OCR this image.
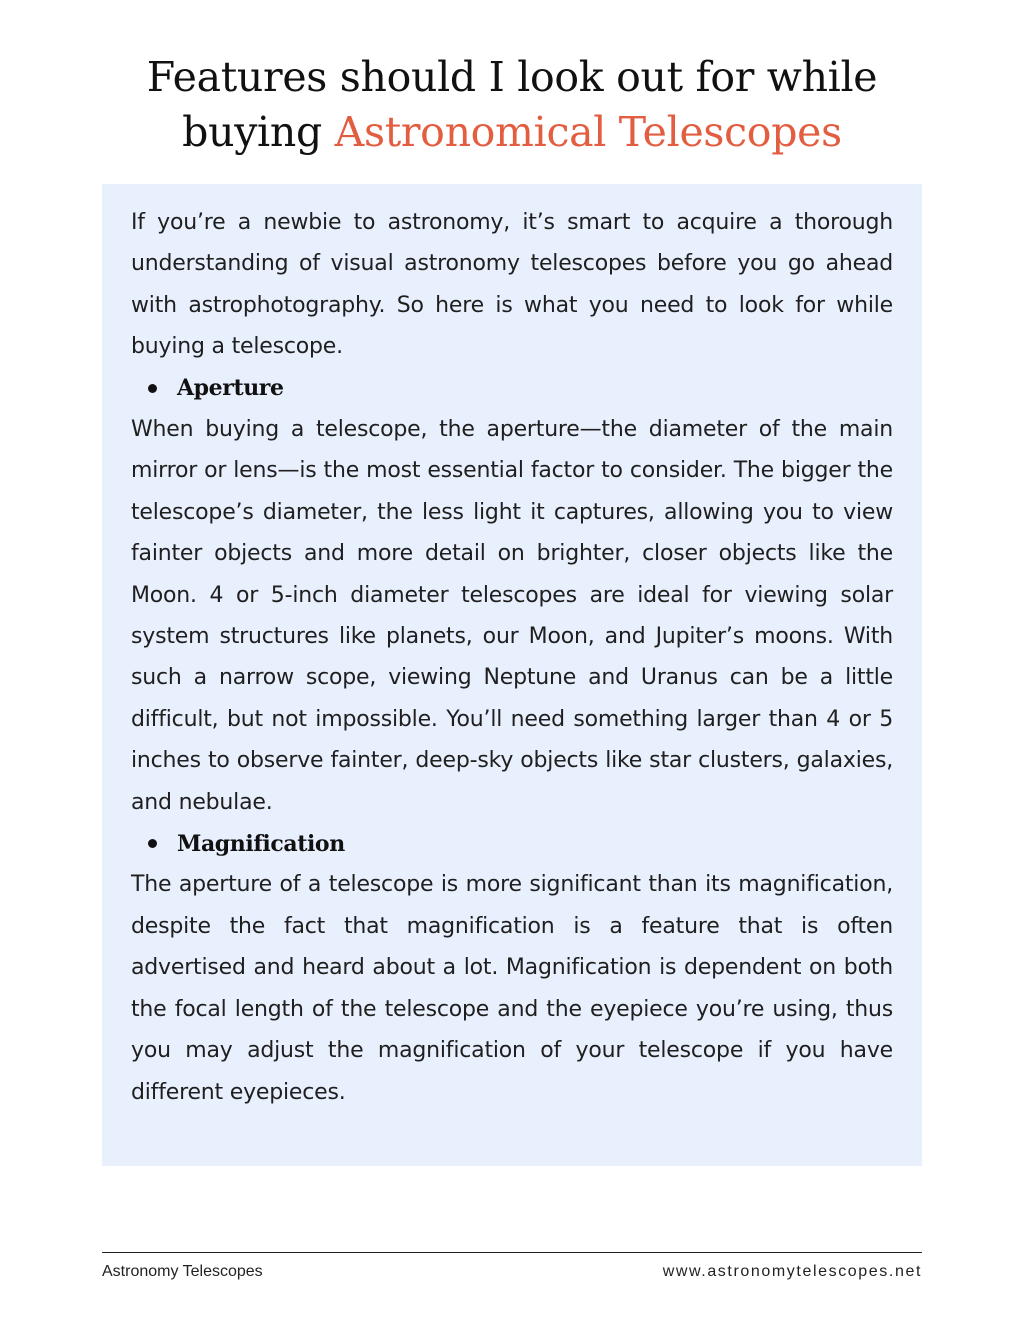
Features should I look out for while
buying Astronomical Telescopes

If you’re a newbie to astronomy, it’s smart to acquire a thorough understanding of visual astronomy telescopes before you go ahead with astrophotography. So here is what you need to look for while buying a telescope.

Aperture

When buying a telescope, the aperture—the diameter of the main mirror or lens—is the most essential factor to consider. The bigger the telescope’s diameter, the less light it captures, allowing you to view fainter objects and more detail on brighter, closer objects like the Moon. 4 or 5-inch diameter telescopes are ideal for viewing solar system structures like planets, our Moon, and Jupiter’s moons. With such a narrow scope, viewing Neptune and Uranus can be a little difficult, but not impossible. You’ll need something larger than 4 or 5 inches to observe fainter, deep-sky objects like star clusters, galaxies, and nebulae.

Magnification

The aperture of a telescope is more significant than its magnification, despite the fact that magnification is a feature that is often advertised and heard about a lot. Magnification is dependent on both the focal length of the telescope and the eyepiece you’re using, thus you may adjust the magnification of your telescope if you have different eyepieces.

Astronomy Telescopes	www.astronomytelescopes.net
